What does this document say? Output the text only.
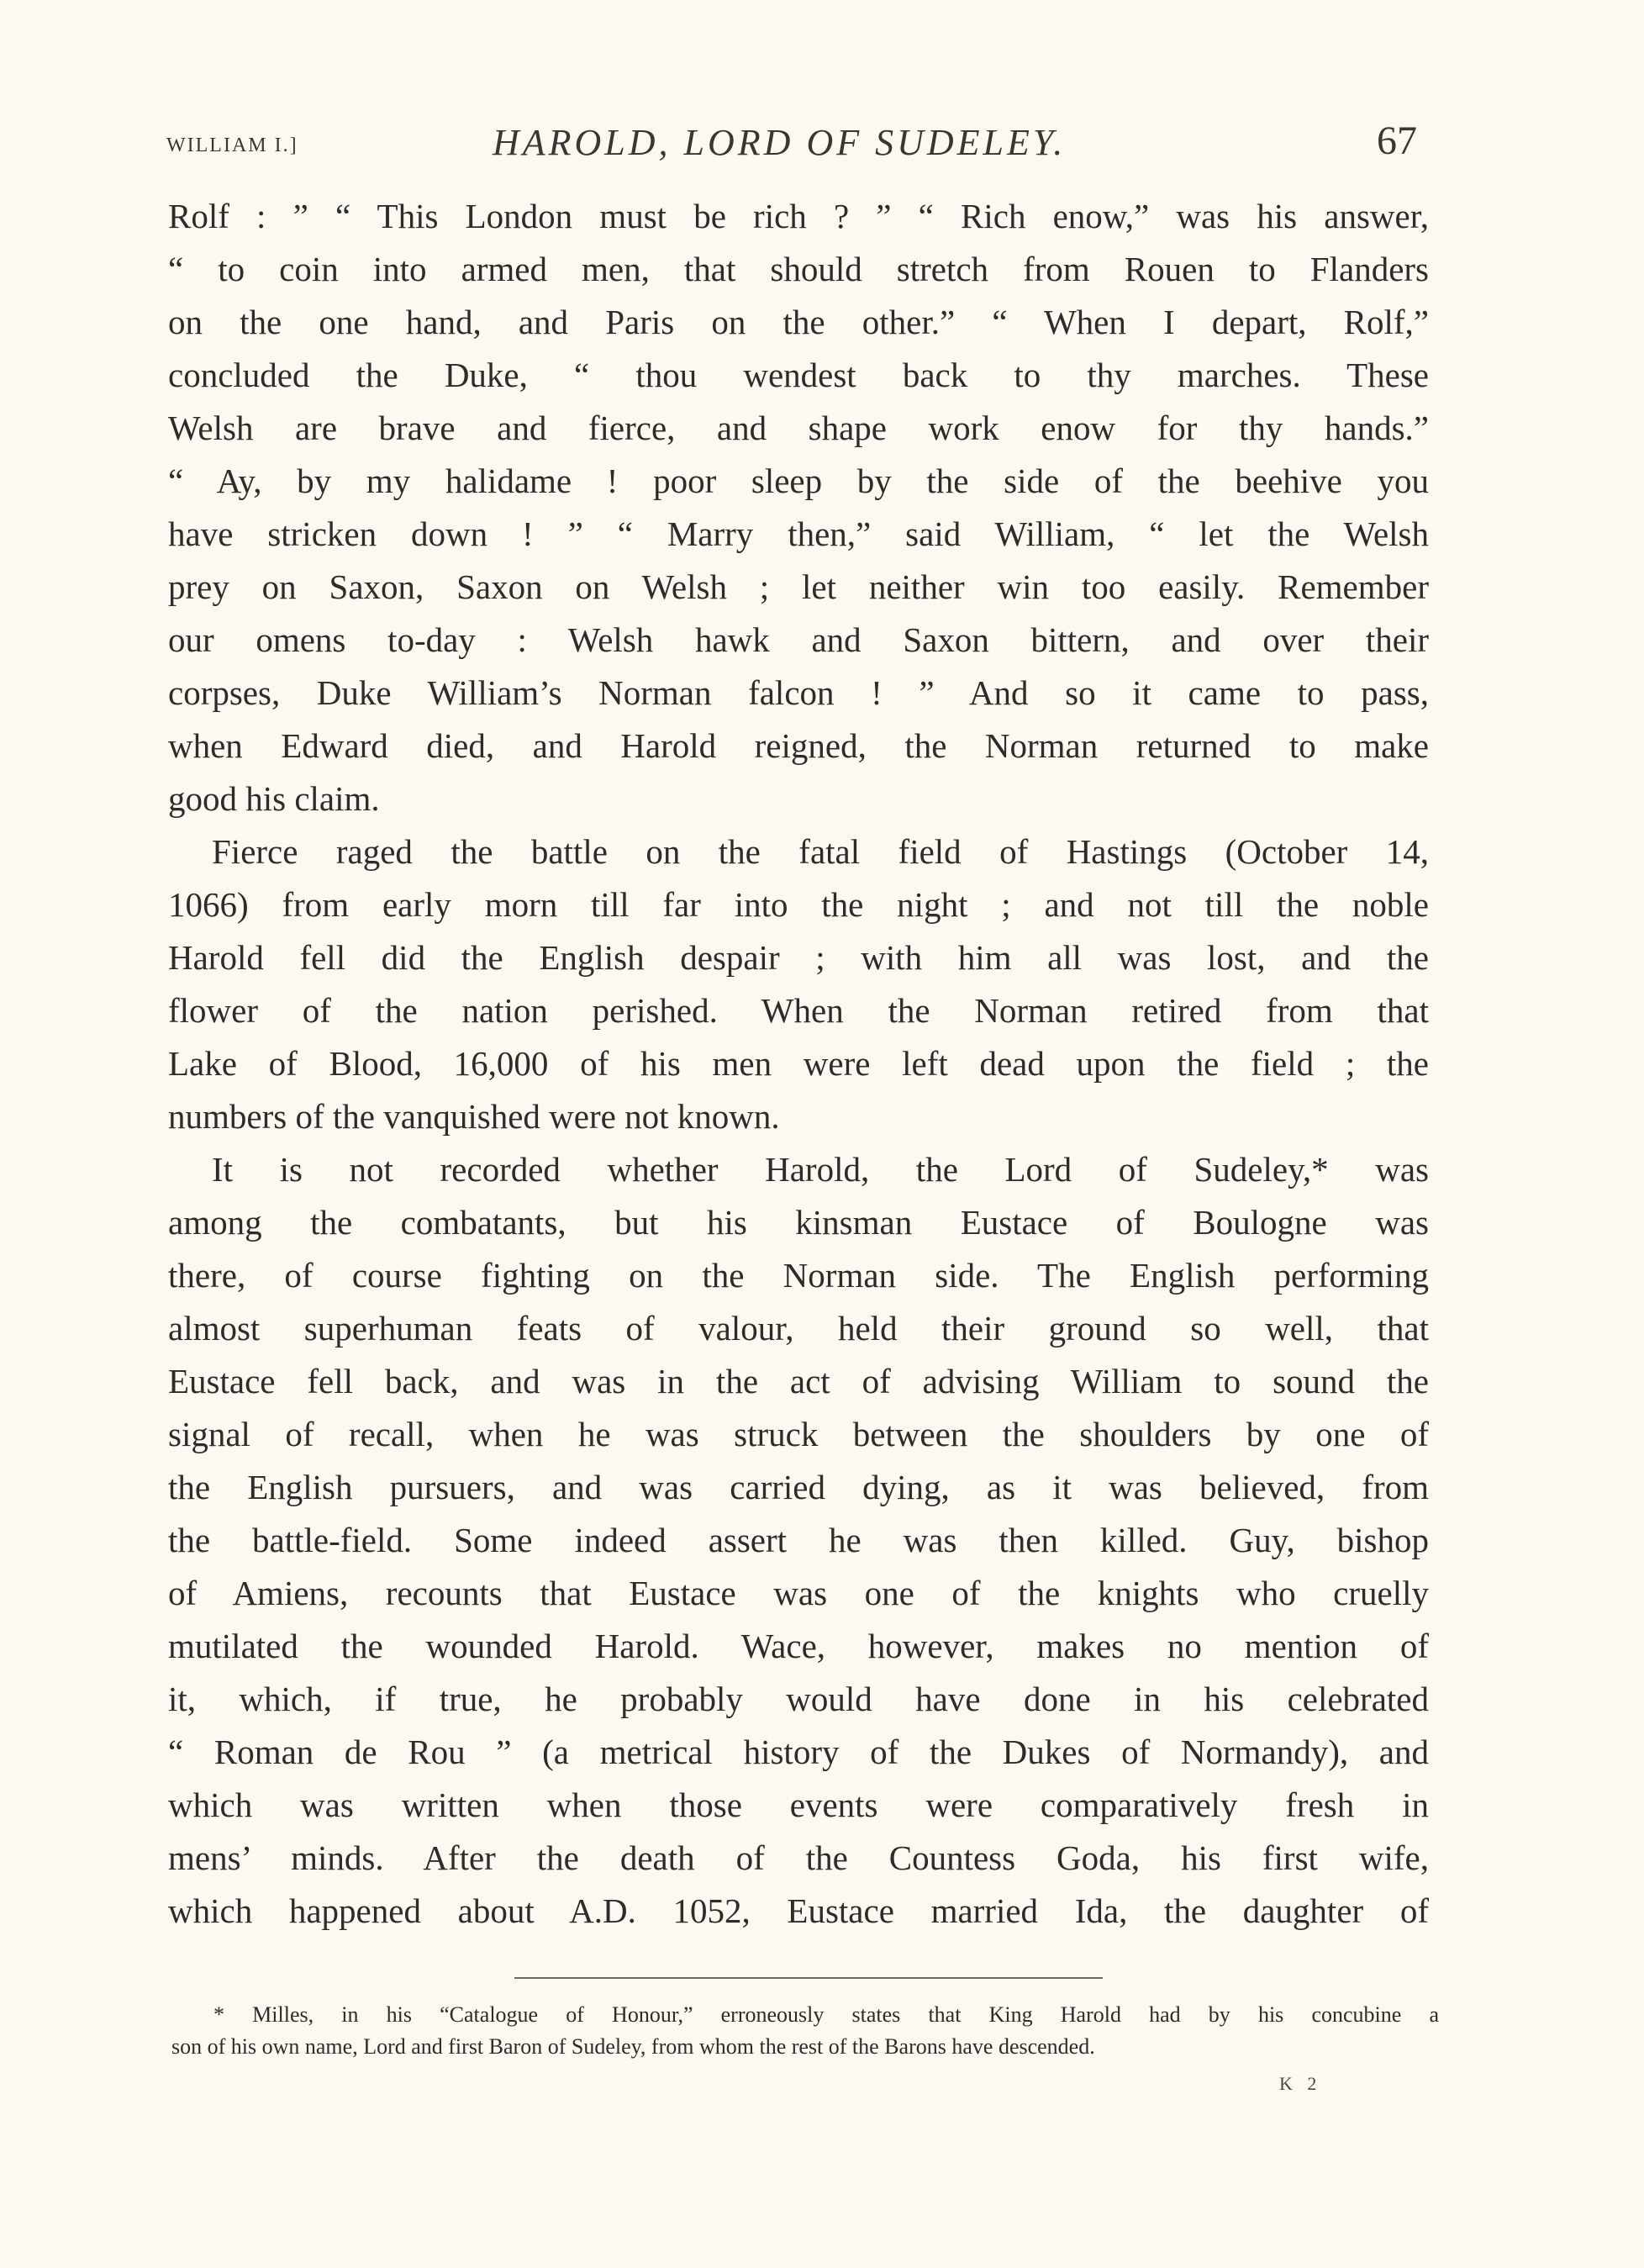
WILLIAM I.]	HAROLD, LORD OF SUDELEY.	67
Rolf : ” “ This London must be rich ? ” “ Rich enow,” was his answer,
“ to coin into armed men, that should stretch from Rouen to Flanders
on the one hand, and Paris on the other.” “ When I depart, Rolf,”
concluded the Duke, “ thou wendest back to thy marches. These
Welsh are brave and fierce, and shape work enow for thy hands.”
“ Ay, by my halidame ! poor sleep by the side of the beehive you
have stricken down ! ” “ Marry then,” said William, “ let the Welsh
prey on Saxon, Saxon on Welsh ; let neither win too easily. Remember
our omens to-day : Welsh hawk and Saxon bittern, and over their
corpses, Duke William’s Norman falcon ! ” And so it came to pass,
when Edward died, and Harold reigned, the Norman returned to make
good his claim.
Fierce raged the battle on the fatal field of Hastings (October 14,
1066) from early morn till far into the night ; and not till the noble
Harold fell did the English despair ; with him all was lost, and the
flower of the nation perished. When the Norman retired from that
Lake of Blood, 16,000 of his men were left dead upon the field ; the
numbers of the vanquished were not known.
It is not recorded whether Harold, the Lord of Sudeley,* was
among the combatants, but his kinsman Eustace of Boulogne was
there, of course fighting on the Norman side. The English performing
almost superhuman feats of valour, held their ground so well, that
Eustace fell back, and was in the act of advising William to sound the
signal of recall, when he was struck between the shoulders by one of
the English pursuers, and was carried dying, as it was believed, from
the battle-field. Some indeed assert he was then killed. Guy, bishop
of Amiens, recounts that Eustace was one of the knights who cruelly
mutilated the wounded Harold. Wace, however, makes no mention of
it, which, if true, he probably would have done in his celebrated
“ Roman de Rou ” (a metrical history of the Dukes of Normandy), and
which was written when those events were comparatively fresh in
mens’ minds. After the death of the Countess Goda, his first wife,
which happened about A.D. 1052, Eustace married Ida, the daughter of
* Milles, in his “Catalogue of Honour,” erroneously states that King Harold had by his concubine a
son of his own name, Lord and first Baron of Sudeley, from whom the rest of the Barons have descended.
K 2
